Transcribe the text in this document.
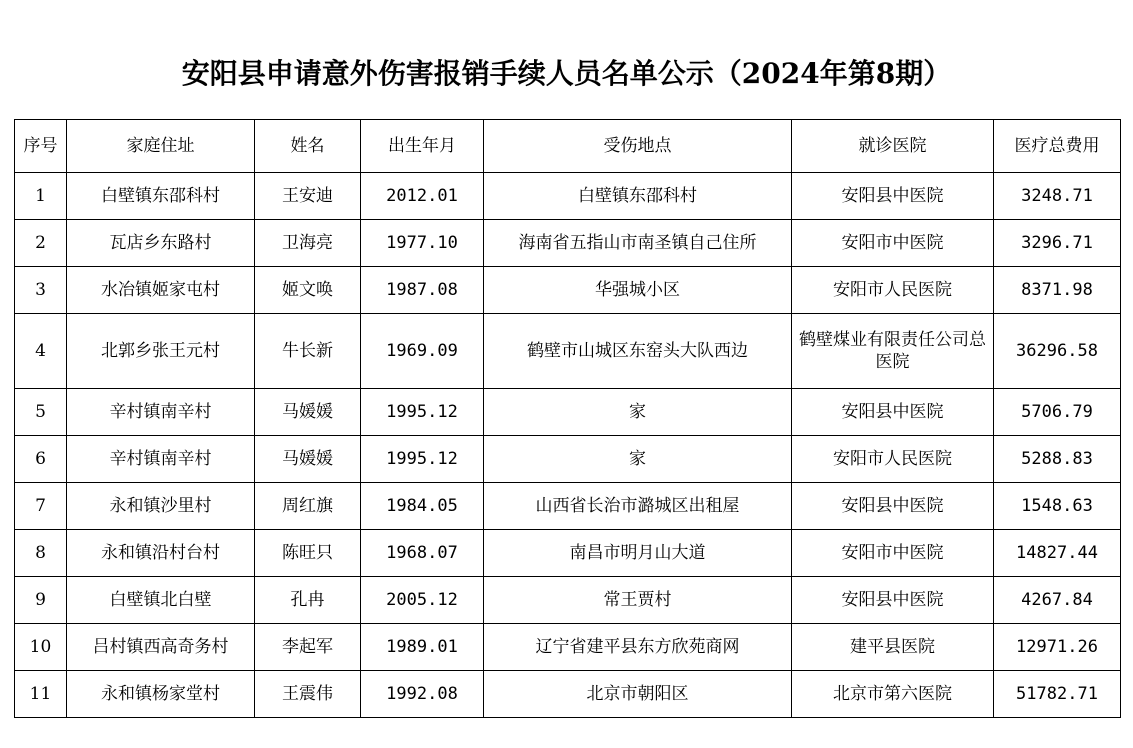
安阳县申请意外伤害报销手续人员名单公示（2024年第8期）
序号	家庭住址	姓名	出生年月	受伤地点	就诊医院	医疗总费用
1	白壁镇东邵科村	王安迪	2012.01	白壁镇东邵科村	安阳县中医院	3248.71
2	瓦店乡东路村	卫海亮	1977.10	海南省五指山市南圣镇自己住所	安阳市中医院	3296.71
3	水冶镇姬家屯村	姬文唤	1987.08	华强城小区	安阳市人民医院	8371.98
4	北郭乡张王元村	牛长新	1969.09	鹤壁市山城区东窑头大队西边	鹤壁煤业有限责任公司总医院	36296.58
5	辛村镇南辛村	马媛媛	1995.12	家	安阳县中医院	5706.79
6	辛村镇南辛村	马媛媛	1995.12	家	安阳市人民医院	5288.83
7	永和镇沙里村	周红旗	1984.05	山西省长治市潞城区出租屋	安阳县中医院	1548.63
8	永和镇沿村台村	陈旺只	1968.07	南昌市明月山大道	安阳市中医院	14827.44
9	白壁镇北白壁	孔冉	2005.12	常王贾村	安阳县中医院	4267.84
10	吕村镇西高奇务村	李起军	1989.01	辽宁省建平县东方欣苑商网	建平县医院	12971.26
11	永和镇杨家堂村	王震伟	1992.08	北京市朝阳区	北京市第六医院	51782.71
